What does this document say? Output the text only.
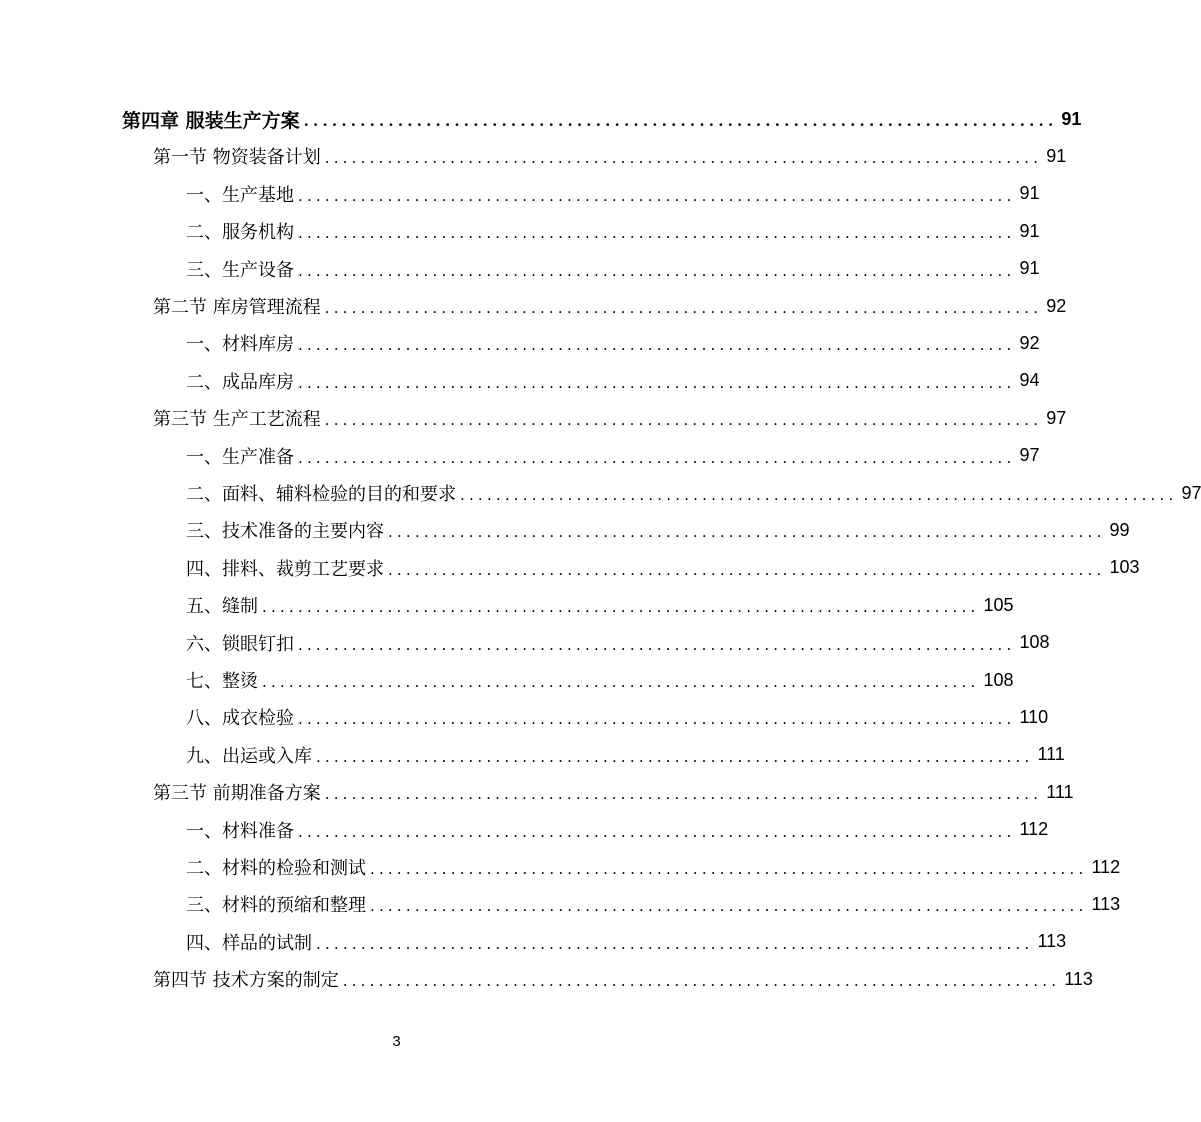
第四章 服装生产方案 ................................................................................ 91
第一节 物资装备计划 ................................................................................ 91
一、生产基地 ................................................................................ 91
二、服务机构 ................................................................................ 91
三、生产设备 ................................................................................ 91
第二节 库房管理流程 ................................................................................ 92
一、材料库房 ................................................................................ 92
二、成品库房 ................................................................................ 94
第三节 生产工艺流程 ................................................................................ 97
一、生产准备 ................................................................................ 97
二、面料、辅料检验的目的和要求 ................................................................................ 97
三、技术准备的主要内容 ................................................................................ 99
四、排料、裁剪工艺要求 ................................................................................ 103
五、缝制 ................................................................................ 105
六、锁眼钉扣 ................................................................................ 108
七、整烫 ................................................................................ 108
八、成衣检验 ................................................................................ 110
九、出运或入库 ................................................................................ 111
第三节 前期准备方案 ................................................................................ 111
一、材料准备 ................................................................................ 112
二、材料的检验和测试 ................................................................................ 112
三、材料的预缩和整理 ................................................................................ 113
四、样品的试制 ................................................................................ 113
第四节 技术方案的制定 ................................................................................ 113
3
